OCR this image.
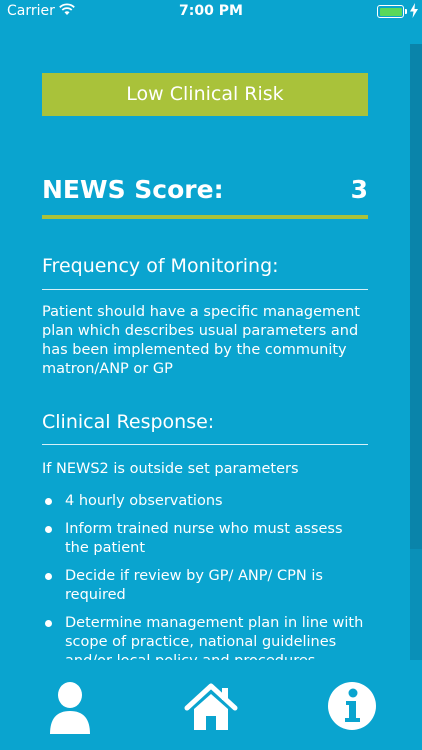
Carrier	7:00 PM
Low Clinical Risk
NEWS Score:	3
Frequency of Monitoring:
Patient should have a specific management plan which describes usual parameters and has been implemented by the community matron/ANP or GP
Clinical Response:
If NEWS2 is outside set parameters
4 hourly observations
Inform trained nurse who must assess the patient
Decide if review by GP/ ANP/ CPN is required
Determine management plan in line with scope of practice, national guidelines
